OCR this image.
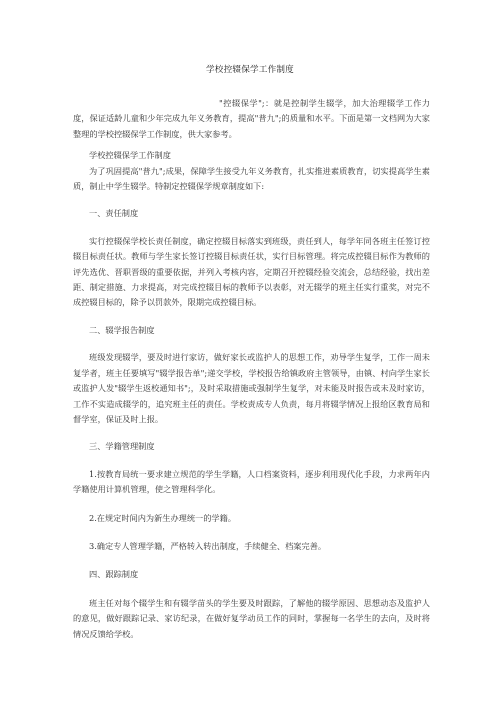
学校控辍保学工作制度

"控辍保学";：就是控制学生辍学，加大治理辍学工作力度，保证适龄儿童和少年完成九年义务教育，提高"普九";的质量和水平。下面是第一文档网为大家整理的学校控辍保学工作制度，供大家参考。

学校控辍保学工作制度

为了巩固提高"普九";成果，保障学生接受九年义务教育，扎实推进素质教育，切实提高学生素质，制止中学生辍学。特制定控辍保学规章制度如下:

一、责任制度

实行控辍保学校长责任制度，确定控辍目标落实到班级，责任到人，每学年同各班主任签订控辍目标责任状。教师与学生家长签订控辍目标责任状，实行目标管理。将完成控辍目标作为教师的评先选优、晋职晋级的重要依据，并列入考核内容，定期召开控辍经验交流会，总结经验，找出差距、制定措施、力求提高，对完成控辍目标的教师予以表彰，对无辍学的班主任实行重奖，对完不成控辍目标的，除予以罚款外，限期完成控辍目标。

二、辍学报告制度

班级发现辍学，要及时进行家访，做好家长或监护人的思想工作，劝导学生复学，工作一周未复学者，班主任要填写"辍学报告单";递交学校，学校报告给镇政府主管领导，由镇、村向学生家长或监护人发"辍学生返校通知书";，及时采取措施或强制学生复学，对未能及时报告或未及时家访，工作不实造成辍学的，追究班主任的责任。学校责成专人负责，每月将辍学情况上报给区教育局和督学室，保证及时上报。

三、学籍管理制度

1.按教育局统一要求建立规范的学生学籍，人口档案资料，逐步利用现代化手段，力求两年内学籍使用计算机管理，使之管理科学化。

2.在规定时间内为新生办理统一的学籍。

3.确定专人管理学籍，严格转入转出制度，手续健全、档案完善。

四、跟踪制度

班主任对每个辍学生和有辍学苗头的学生要及时跟踪，了解他的辍学原因、思想动态及监护人的意见，做好跟踪记录、家访纪录，在做好复学动员工作的同时，掌握每一名学生的去向，及时将情况反馈给学校。
